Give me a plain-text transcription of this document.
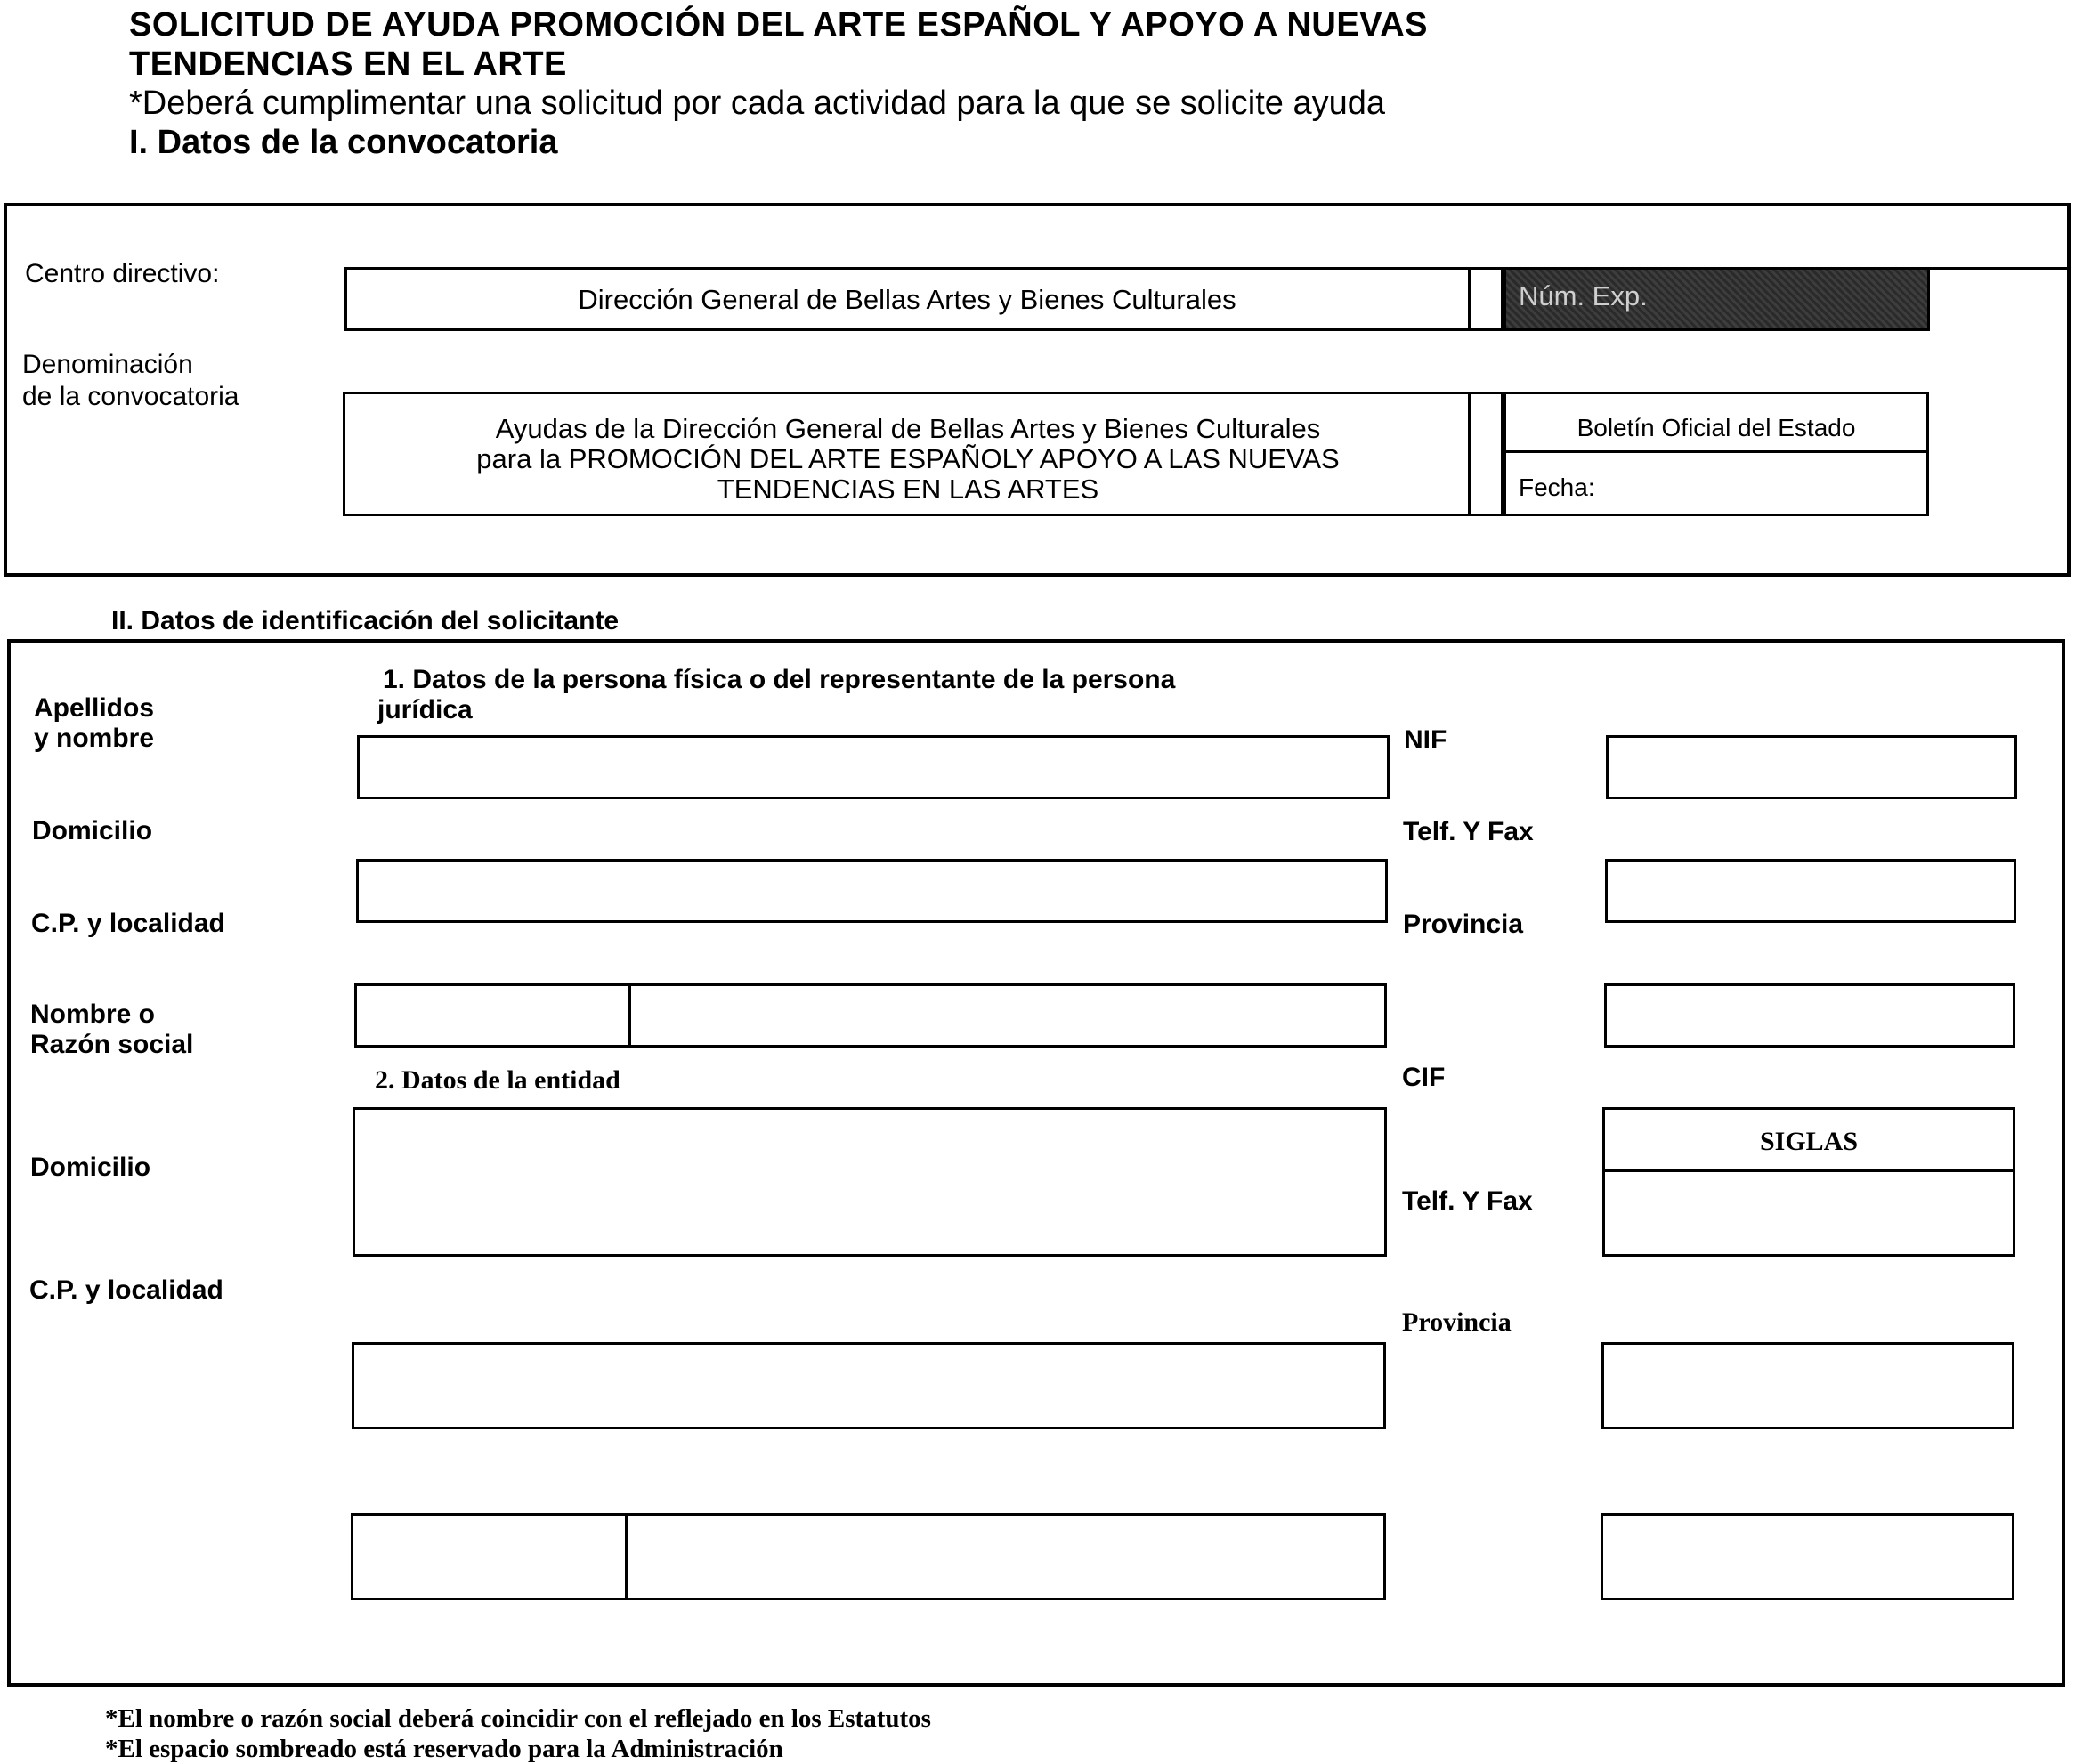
SOLICITUD DE AYUDA PROMOCIÓN DEL ARTE ESPAÑOL Y APOYO A NUEVAS
TENDENCIAS EN EL ARTE
*Deberá cumplimentar una solicitud por cada actividad para la que se solicite ayuda
I. Datos de la convocatoria
Centro directivo:
Dirección General de Bellas Artes y Bienes Culturales	Núm. Exp.
Denominación
de la convocatoria
Ayudas de la Dirección General de Bellas Artes y Bienes Culturales
para la PROMOCIÓN DEL ARTE ESPAÑOLY APOYO A LAS NUEVAS
TENDENCIAS EN LAS ARTES
Boletín Oficial del Estado
Fecha:
II. Datos de identificación del solicitante
1. Datos de la persona física o del representante de la persona
jurídica
Apellidos
y nombre	NIF
Domicilio	Telf. Y Fax
C.P. y localidad	Provincia
Nombre o
Razón social
2. Datos de la entidad	CIF
SIGLAS
Domicilio
Telf. Y Fax
C.P. y localidad
Provincia
*El nombre o razón social deberá coincidir con el reflejado en los Estatutos
*El espacio sombreado está reservado para la Administración
